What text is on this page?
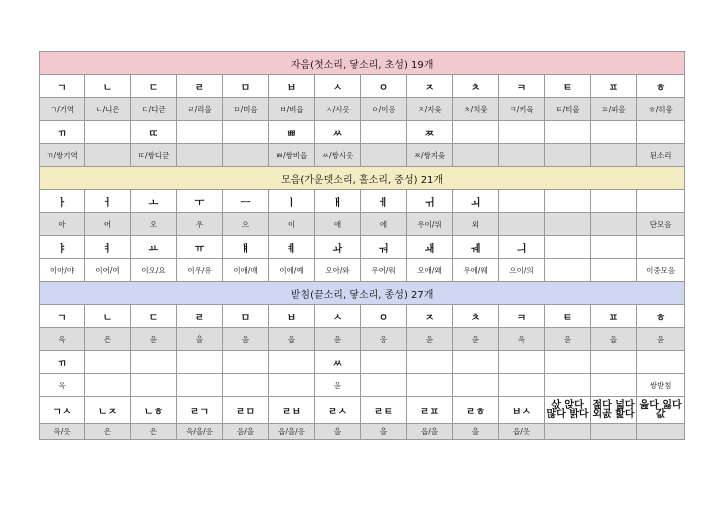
자음(첫소리, 닿소리, 초성) 19개													
ㄱ	ㄴ	ㄷ	ㄹ	ㅁ	ㅂ	ㅅ	ㅇ	ㅈ	ㅊ	ㅋ	ㅌ	ㅍ	ㅎ
ㄱ/기역	ㄴ/니은	ㄷ/디귿	ㄹ/리을	ㅁ/미음	ㅂ/비읍	ㅅ/시옷	ㅇ/이응	ㅈ/지읒	ㅊ/치읓	ㅋ/키읔	ㅌ/티읕	ㅍ/피읖	ㅎ/히읗
ㄲ		ㄸ			ㅃ	ㅆ		ㅉ					
ㄲ/쌍기역		ㄸ/쌍디귿			ㅃ/쌍비읍	ㅆ/쌍시옷		ㅉ/쌍지읒					된소리
모음(가운뎃소리, 홀소리, 중성) 21개													
ㅏ	ㅓ	ㅗ	ㅜ	ㅡ	ㅣ	ㅐ	ㅔ	ㅟ	ㅚ				
아	어	오	우	으	이	애	에	우이/위	외				단모음
ㅑ	ㅕ	ㅛ	ㅠ	ㅒ	ㅖ	ㅘ	ㅝ	ㅙ	ㅞ	ㅢ			
이아/야	이어/여	이오/요	이우/유	이애/얘	이에/예	오아/와	우어/워	오애/왜	우에/웨	으이/의			이중모음
받침(끝소리, 닿소리, 종성) 27개													
ㄱ	ㄴ	ㄷ	ㄹ	ㅁ	ㅂ	ㅅ	ㅇ	ㅈ	ㅊ	ㅋ	ㅌ	ㅍ	ㅎ
윽	은	읃	을	음	읍	읃	응	읃	읃	윽	읃	읍	읃
ㄲ						ㅆ							
윽						읃							쌍받침
ㄱㅅ	ㄴㅈ	ㄴㅎ	ㄹㄱ	ㄹㅁ	ㄹㅂ	ㄹㅅ	ㄹㅌ	ㄹㅍ	ㄹㅎ	ㅂㅅ	삯 앉다 많다 밝다	젊다 넓다 외곬 핥다	읊다 잃다 값
윽/읏	은	은	윽/을/응	음/을	읍/을/응	을	을	읍/을	을	읍/읏			
